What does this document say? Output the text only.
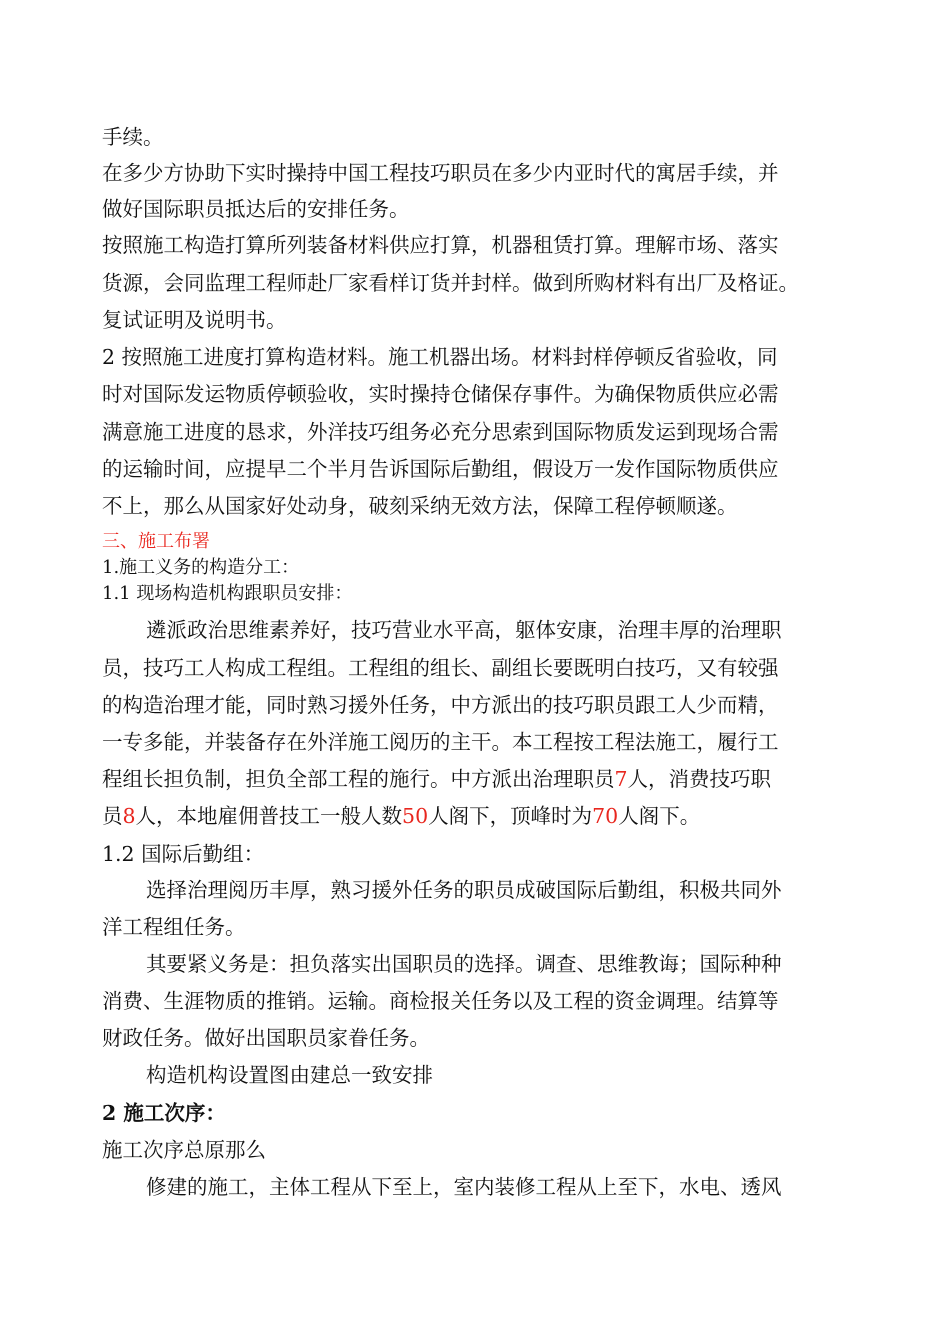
手续。
在多少方协助下实时操持中国工程技巧职员在多少内亚时代的寓居手续，并
做好国际职员抵达后的安排任务。
按照施工构造打算所列装备材料供应打算，机器租赁打算。理解市场、落实
货源，会同监理工程师赴厂家看样订货并封样。做到所购材料有出厂及格证。
复试证明及说明书。
2 按照施工进度打算构造材料。施工机器出场。材料封样停顿反省验收，同
时对国际发运物质停顿验收，实时操持仓储保存事件。为确保物质供应必需
满意施工进度的恳求，外洋技巧组务必充分思索到国际物质发运到现场合需
的运输时间，应提早二个半月告诉国际后勤组，假设万一发作国际物质供应
不上，那么从国家好处动身，破刻采纳无效方法，保障工程停顿顺遂。
三、施工布署
1.施工义务的构造分工：
1.1 现场构造机构跟职员安排：
遴派政治思维素养好，技巧营业水平高，躯体安康，治理丰厚的治理职
员，技巧工人构成工程组。工程组的组长、副组长要既明白技巧，又有较强
的构造治理才能，同时熟习援外任务，中方派出的技巧职员跟工人少而精，
一专多能，并装备存在外洋施工阅历的主干。本工程按工程法施工，履行工
程组长担负制，担负全部工程的施行。中方派出治理职员7人，消费技巧职
员8人，本地雇佣普技工一般人数50人阁下，顶峰时为70人阁下。
1.2 国际后勤组：
选择治理阅历丰厚，熟习援外任务的职员成破国际后勤组，积极共同外
洋工程组任务。
其要紧义务是：担负落实出国职员的选择。调查、思维教诲；国际种种
消费、生涯物质的推销。运输。商检报关任务以及工程的资金调理。结算等
财政任务。做好出国职员家眷任务。
构造机构设置图由建总一致安排
2 施工次序：
施工次序总原那么
修建的施工，主体工程从下至上，室内装修工程从上至下，水电、透风
